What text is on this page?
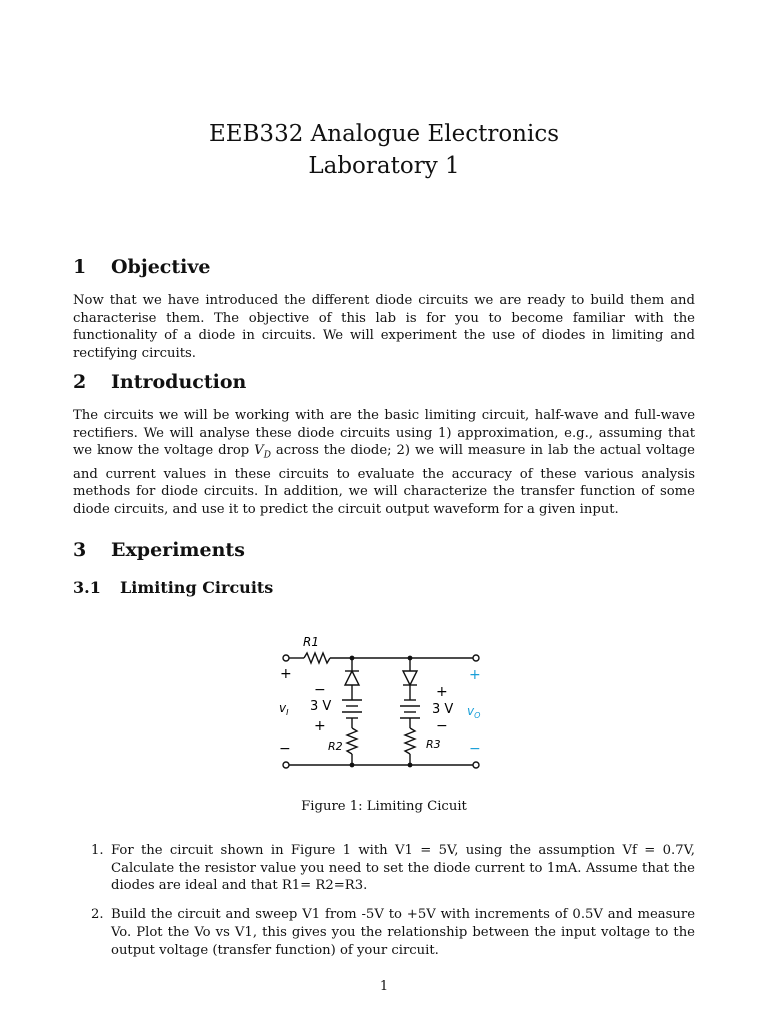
EEB332 Analogue Electronics
Laboratory 1
1 Objective
Now that we have introduced the different diode circuits we are ready to build them and characterise them. The objective of this lab is for you to become familiar with the functionality of a diode in circuits. We will experiment the use of diodes in limiting and rectifying circuits.
2 Introduction
The circuits we will be working with are the basic limiting circuit, half-wave and full-wave rectifiers. We will analyse these diode circuits using 1) approximation, e.g., assuming that we know the voltage drop $V_D$ across the diode; 2) we will measure in lab the actual voltage and current values in these circuits to evaluate the accuracy of these various analysis methods for diode circuits. In addition, we will characterize the transfer function of some diode circuits, and use it to predict the circuit output waveform for a given input.
3 Experiments
3.1 Limiting Circuits
R1
R2	R3
+
$v_I$
−
−
3 V
+
+
3 V
−
+
$v_O$
−
Figure 1: Limiting Cicuit
1. For the circuit shown in Figure 1 with V1 = 5V, using the assumption Vf = 0.7V, Calculate the resistor value you need to set the diode current to 1mA. Assume that the diodes are ideal and that R1= R2=R3.
2. Build the circuit and sweep V1 from -5V to +5V with increments of 0.5V and measure Vo. Plot the Vo vs V1, this gives you the relationship between the input voltage to the output voltage (transfer function) of your circuit.
1
